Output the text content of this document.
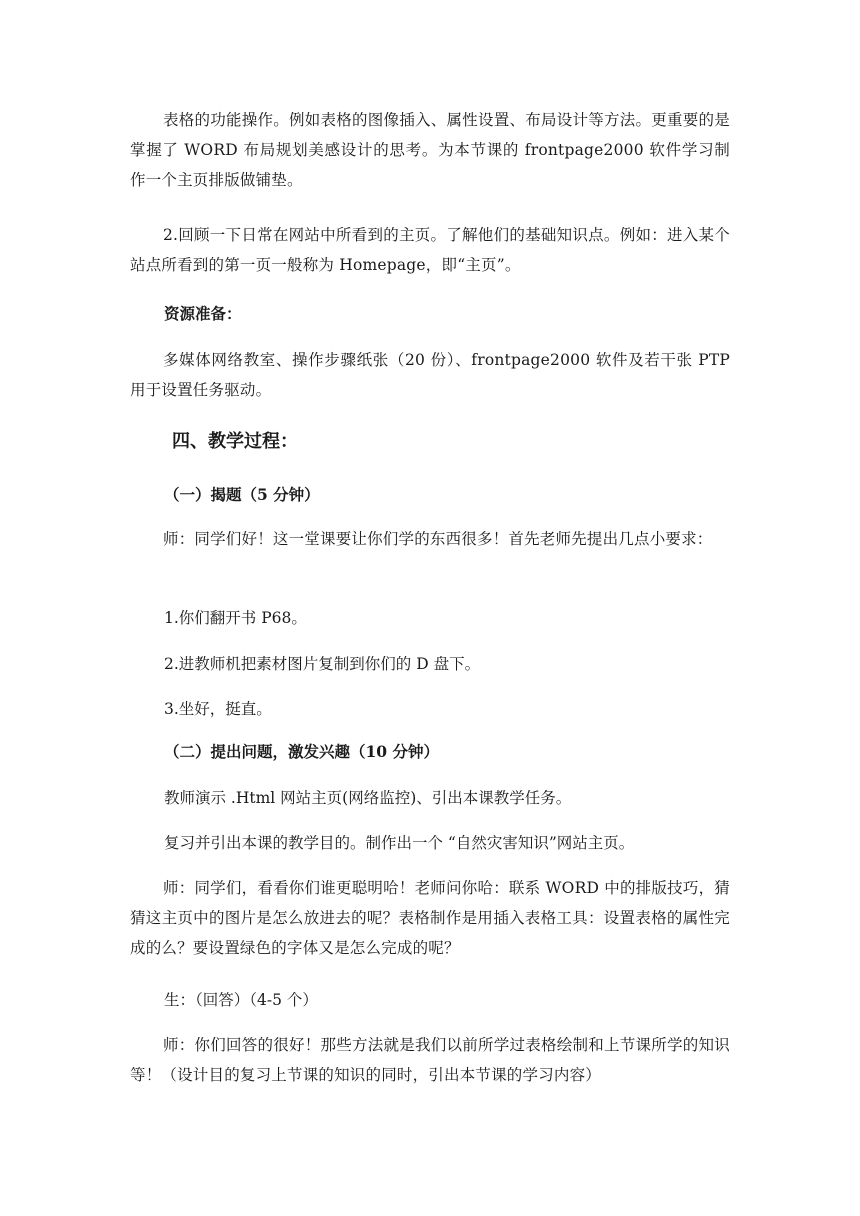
表格的功能操作。例如表格的图像插入、属性设置、布局设计等方法。更重要的是掌握了 WORD 布局规划美感设计的思考。为本节课的 frontpage2000 软件学习制作一个主页排版做铺垫。

2.回顾一下日常在网站中所看到的主页。了解他们的基础知识点。例如：进入某个站点所看到的第一页一般称为 Homepage，即“主页”。

资源准备：

多媒体网络教室、操作步骤纸张（20 份）、frontpage2000 软件及若干张 PTP 用于设置任务驱动。

四、教学过程：

（一）揭题（5 分钟）

师：同学们好！这一堂课要让你们学的东西很多！首先老师先提出几点小要求：

1.你们翻开书 P68。

2.进教师机把素材图片复制到你们的 D 盘下。

3.坐好，挺直。

（二）提出问题，激发兴趣（10 分钟）

教师演示 .Html 网站主页(网络监控)、引出本课教学任务。

复习并引出本课的教学目的。制作出一个 “自然灾害知识”网站主页。

师：同学们，看看你们谁更聪明哈！老师问你哈：联系 WORD 中的排版技巧，猜猜这主页中的图片是怎么放进去的呢？表格制作是用插入表格工具：设置表格的属性完成的么？要设置绿色的字体又是怎么完成的呢？

生：（回答）（4-5 个）

师：你们回答的很好！那些方法就是我们以前所学过表格绘制和上节课所学的知识等！（设计目的复习上节课的知识的同时，引出本节课的学习内容）
